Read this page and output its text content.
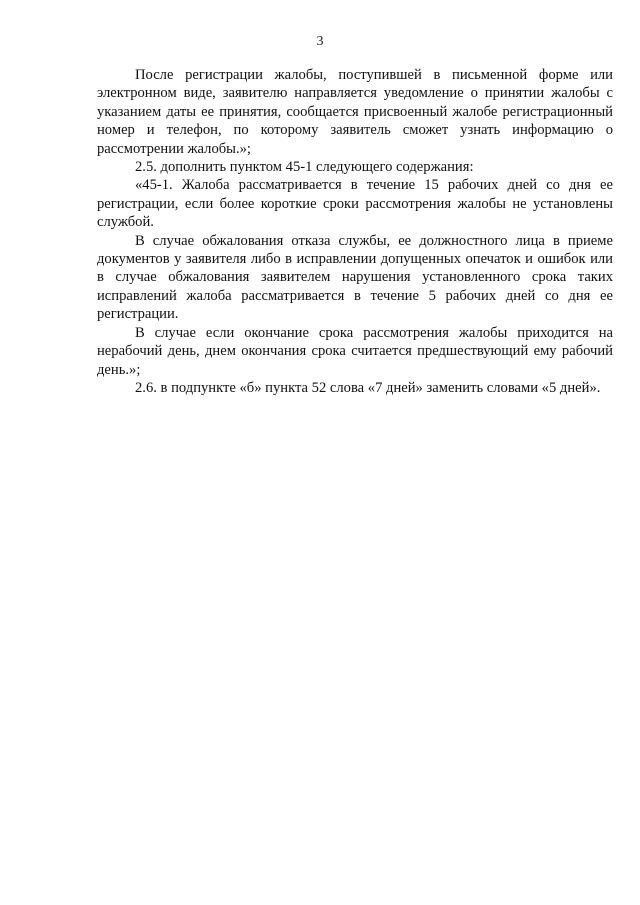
3

После регистрации жалобы, поступившей в письменной форме или электронном виде, заявителю направляется уведомление о принятии жалобы с указанием даты ее принятия, сообщается присвоенный жалобе регистрационный номер и телефон, по которому заявитель сможет узнать информацию о рассмотрении жалобы.»;

2.5. дополнить пунктом 45-1 следующего содержания:

«45-1. Жалоба рассматривается в течение 15 рабочих дней со дня ее регистрации, если более короткие сроки рассмотрения жалобы не установлены службой.

В случае обжалования отказа службы, ее должностного лица в приеме документов у заявителя либо в исправлении допущенных опечаток и ошибок или в случае обжалования заявителем нарушения установленного срока таких исправлений жалоба рассматривается в течение 5 рабочих дней со дня ее регистрации.

В случае если окончание срока рассмотрения жалобы приходится на нерабочий день, днем окончания срока считается предшествующий ему рабочий день.»;

2.6. в подпункте «б» пункта 52 слова «7 дней» заменить словами «5 дней».
